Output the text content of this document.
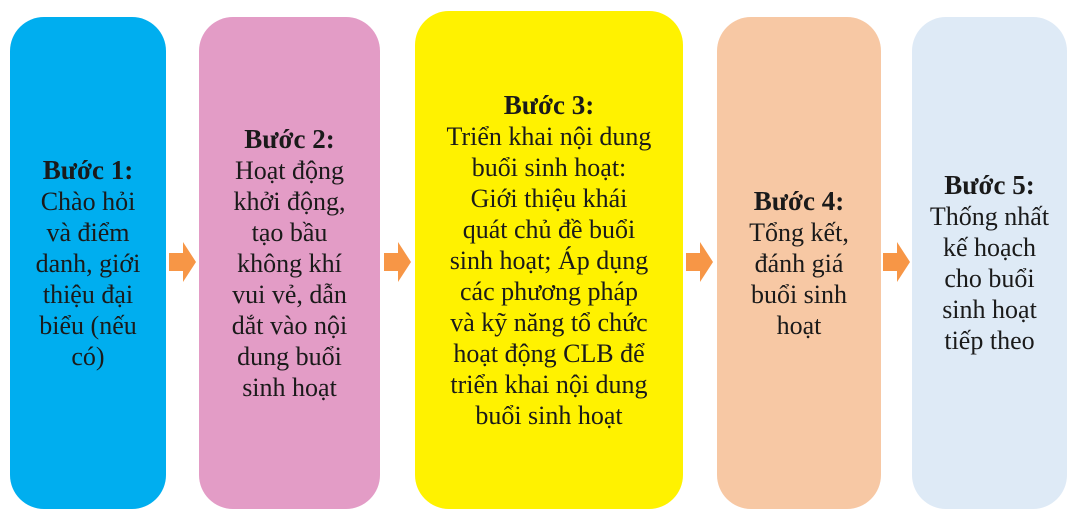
Bước 1:
Chào hỏi
và điểm
danh, giới
thiệu đại
biểu (nếu
có)
Bước 2:
Hoạt động
khởi động,
tạo bầu
không khí
vui vẻ, dẫn
dắt vào nội
dung buổi
sinh hoạt
Bước 3:
Triển khai nội dung
buổi sinh hoạt:
Giới thiệu khái
quát chủ đề buổi
sinh hoạt; Áp dụng
các phương pháp
và kỹ năng tổ chức
hoạt động CLB để
triển khai nội dung
buổi sinh hoạt
Bước 4:
Tổng kết,
đánh giá
buổi sinh
hoạt
Bước 5:
Thống nhất
kế hoạch
cho buổi
sinh hoạt
tiếp theo
